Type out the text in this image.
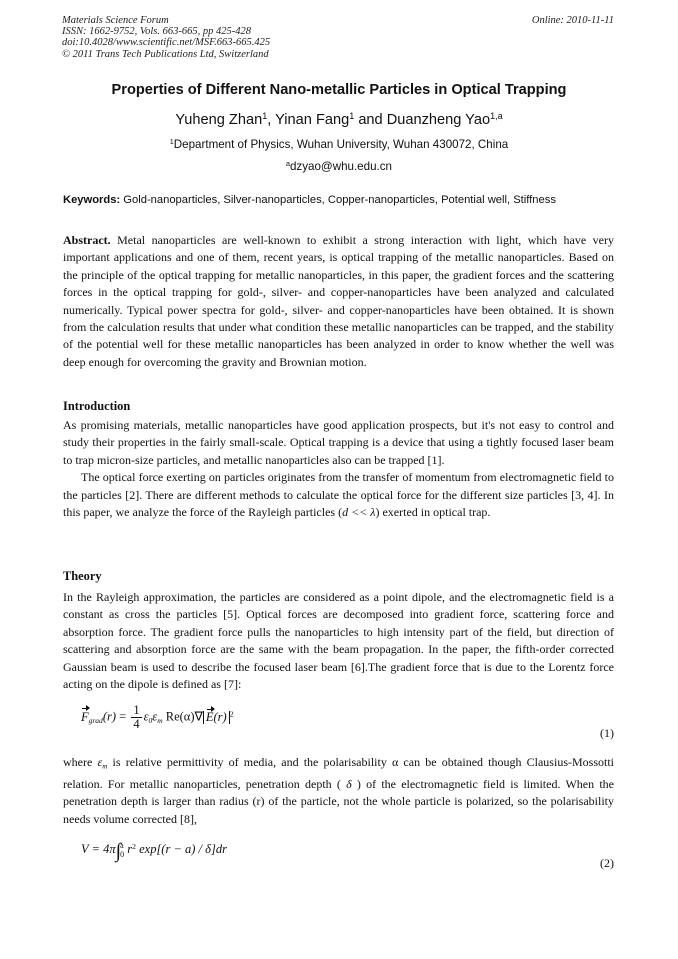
Materials Science Forum
ISSN: 1662-9752, Vols. 663-665, pp 425-428
doi:10.4028/www.scientific.net/MSF.663-665.425
© 2011 Trans Tech Publications Ltd, Switzerland
Online: 2010-11-11
Properties of Different Nano-metallic Particles in Optical Trapping
Yuheng Zhan$^1$, Yinan Fang$^1$ and Duanzheng Yao$^{1,a}$
$^1$Department of Physics, Wuhan University, Wuhan 430072, China
$^a$dzyao@whu.edu.cn
Keywords: Gold-nanoparticles, Silver-nanoparticles, Copper-nanoparticles, Potential well, Stiffness

Abstract. Metal nanoparticles are well-known to exhibit a strong interaction with light, which have very important applications and one of them, recent years, is optical trapping of the metallic nanoparticles. Based on the principle of the optical trapping for metallic nanoparticles, in this paper, the gradient forces and the scattering forces in the optical trapping for gold-, silver- and copper-nanoparticles have been analyzed and calculated numerically. Typical power spectra for gold-, silver- and copper-nanoparticles have been obtained. It is shown from the calculation results that under what condition these metallic nanoparticles can be trapped, and the stability of the potential well for these metallic nanoparticles has been analyzed in order to know whether the well was deep enough for overcoming the gravity and Brownian motion.

Introduction

As promising materials, metallic nanoparticles have good application prospects, but it's not easy to control and study their properties in the fairly small-scale. Optical trapping is a device that using a tightly focused laser beam to trap micron-size particles, and metallic nanoparticles also can be trapped [1].

The optical force exerting on particles originates from the transfer of momentum from electromagnetic field to the particles [2]. There are different methods to calculate the optical force for the different size particles [3, 4]. In this paper, we analyze the force of the Rayleigh particles (d << λ) exerted in optical trap.

Theory

In the Rayleigh approximation, the particles are considered as a point dipole, and the electromagnetic field is a constant as cross the particles [5]. Optical forces are decomposed into gradient force, scattering force and absorption force. The gradient force pulls the nanoparticles to high intensity part of the field, but direction of scattering and absorption force are the same with the beam propagation. In the paper, the fifth-order corrected Gaussian beam is used to describe the focused laser beam [6].The gradient force that is due to the Lorentz force acting on the dipole is defined as [7]:

$F_{grad}(r) = \frac{1}{4} \varepsilon_0\varepsilon_m$ Re(α)∇ E(r) $^2$
(1)

where $\varepsilon_m$ is relative permittivity of media, and the polarisability α can be obtained though Clausius-Mossotti relation. For metallic nanoparticles, penetration depth ( δ ) of the electromagnetic field is limited. When the penetration depth is larger than radius (r) of the particle, not the whole particle is polarized, so the polarisability needs volume corrected [8],

V = 4π∫ a
0 $r^2$ exp[(r − a) / δ]dr
(2)
